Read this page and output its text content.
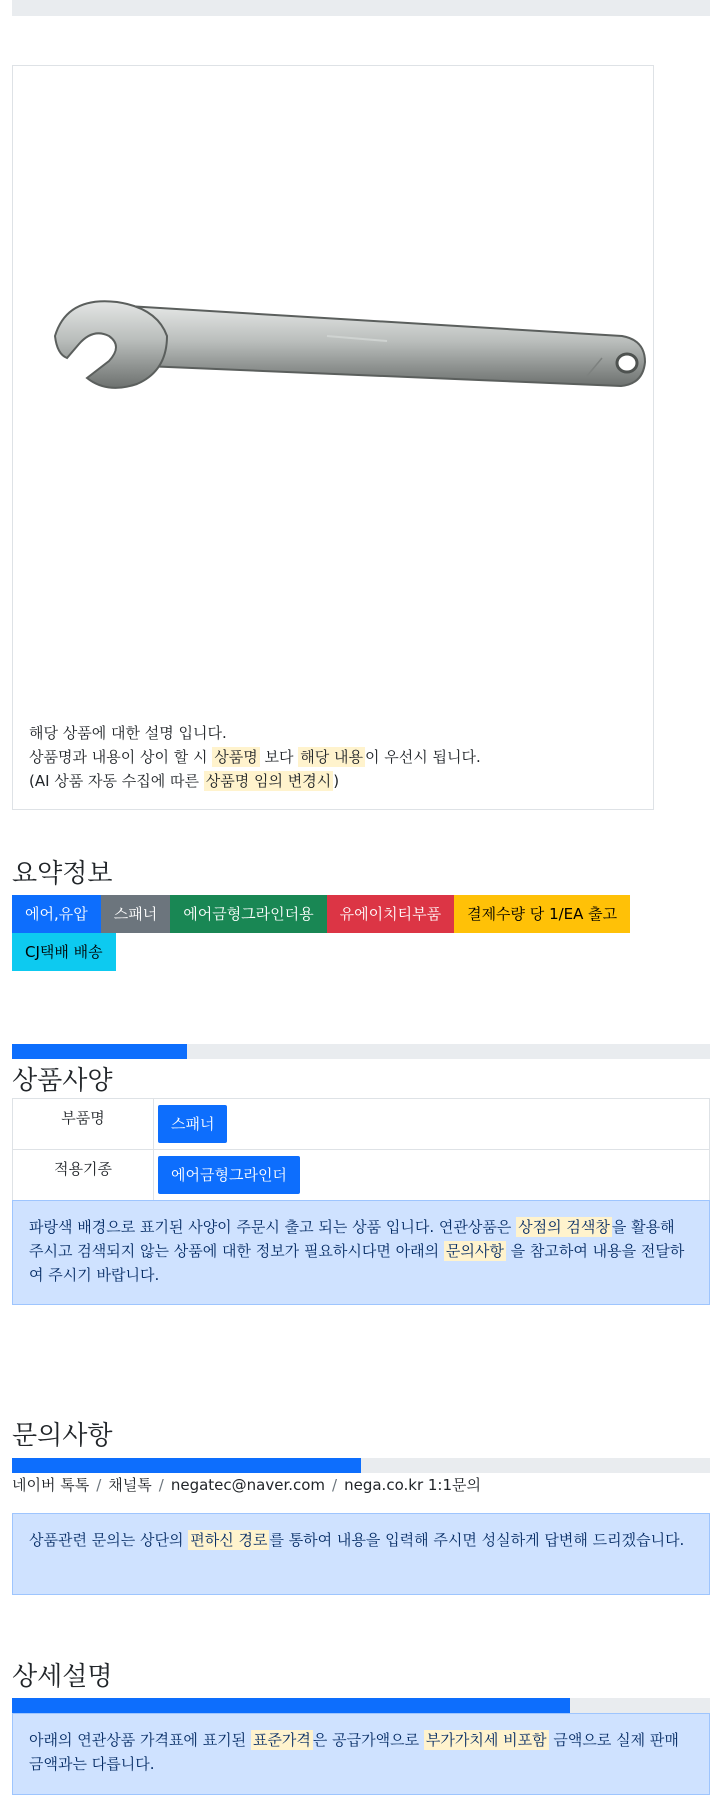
해당 상품에 대한 설명 입니다.
상품명과 내용이 상이 할 시 상품명 보다 해당 내용 이 우선시 됩니다.
(AI 상품 자동 수집에 따른 상품명 임의 변경시 )
요약정보
에어,유압 스패너 에어금형그라인더용 유에이치티부품 결제수량 당 1/EA 출고
CJ택배 배송
상품사양
부품명	스패너
적용기종	에어금형그라인더
파랑색 배경으로 표기된 사양이 주문시 출고 되는 상품 입니다. 연관상품은 상점의 검색창 을 활용해 주시고 검색되지 않는 상품에 대한 정보가 필요하시다면 아래의 문의사항 을 참고하여 내용을 전달하여 주시기 바랍니다.
문의사항
네이버 톡톡 / 채널톡 / negatec@naver.com / nega.co.kr 1:1문의
상품관련 문의는 상단의 편하신 경로 를 통하여 내용을 입력해 주시면 성실하게 답변해 드리겠습니다.
상세설명
아래의 연관상품 가격표에 표기된 표준가격 은 공급가액으로 부가가치세 비포함 금액으로 실제 판매금액과는 다릅니다.
